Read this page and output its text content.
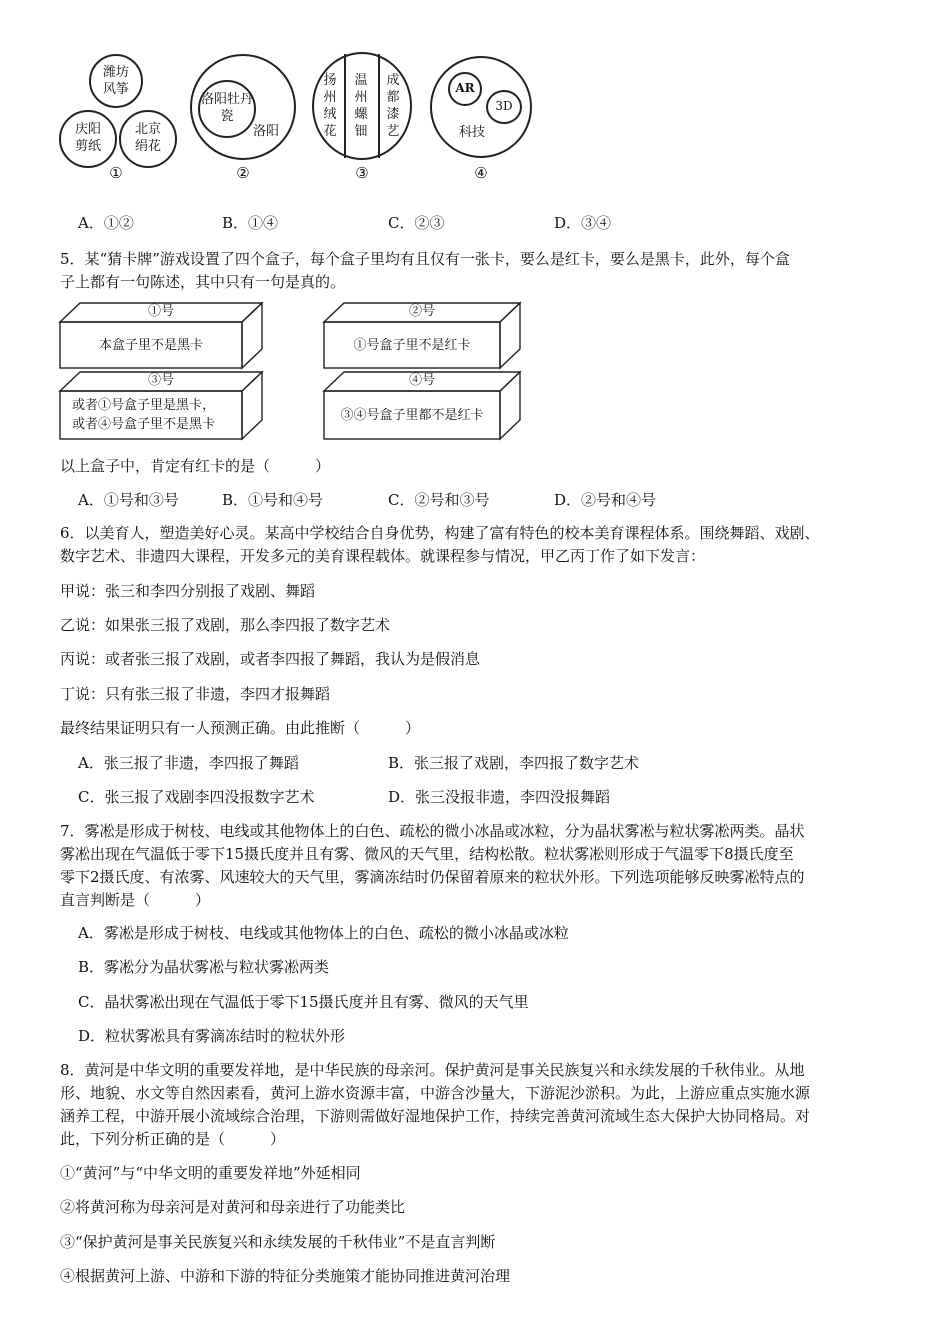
潍坊风筝
庆阳剪纸
北京绢花
①
洛阳牡丹瓷
洛阳
②
扬州绒花
温州螺钿
成都漆艺
③
AR
3D
科技
④
A．①②	B．①④	C．②③	D．③④
5．某“猜卡牌”游戏设置了四个盒子，每个盒子里均有且仅有一张卡，要么是红卡，要么是黑卡，此外，每个盒
子上都有一句陈述，其中只有一句是真的。
①号
本盒子里不是黑卡
②号
①号盒子里不是红卡
③号
或者①号盒子里是黑卡，
或者④号盒子里不是黑卡
④号
③④号盒子里都不是红卡
以上盒子中，肯定有红卡的是（　　　）
A．①号和③号	B．①号和④号	C．②号和③号	D．②号和④号
6．以美育人，塑造美好心灵。某高中学校结合自身优势，构建了富有特色的校本美育课程体系。围绕舞蹈、戏剧、
数字艺术、非遗四大课程，开发多元的美育课程载体。就课程参与情况，甲乙丙丁作了如下发言：
甲说：张三和李四分别报了戏剧、舞蹈
乙说：如果张三报了戏剧，那么李四报了数字艺术
丙说：或者张三报了戏剧，或者李四报了舞蹈，我认为是假消息
丁说：只有张三报了非遗，李四才报舞蹈
最终结果证明只有一人预测正确。由此推断（　　　）
A．张三报了非遗，李四报了舞蹈	B．张三报了戏剧，李四报了数字艺术
C．张三报了戏剧李四没报数字艺术	D．张三没报非遗，李四没报舞蹈
7．雾凇是形成于树枝、电线或其他物体上的白色、疏松的微小冰晶或冰粒，分为晶状雾凇与粒状雾凇两类。晶状
雾凇出现在气温低于零下15摄氏度并且有雾、微风的天气里，结构松散。粒状雾凇则形成于气温零下8摄氏度至
零下2摄氏度、有浓雾、风速较大的天气里，雾滴冻结时仍保留着原来的粒状外形。下列选项能够反映雾凇特点的
直言判断是（　　　）
A．雾凇是形成于树枝、电线或其他物体上的白色、疏松的微小冰晶或冰粒
B．雾凇分为晶状雾凇与粒状雾凇两类
C．晶状雾凇出现在气温低于零下15摄氏度并且有雾、微风的天气里
D．粒状雾凇具有雾滴冻结时的粒状外形
8．黄河是中华文明的重要发祥地，是中华民族的母亲河。保护黄河是事关民族复兴和永续发展的千秋伟业。从地
形、地貌、水文等自然因素看，黄河上游水资源丰富，中游含沙量大，下游泥沙淤积。为此，上游应重点实施水源
涵养工程，中游开展小流域综合治理，下游则需做好湿地保护工作，持续完善黄河流域生态大保护大协同格局。对
此，下列分析正确的是（　　　）
①“黄河”与“中华文明的重要发祥地”外延相同
②将黄河称为母亲河是对黄河和母亲进行了功能类比
③“保护黄河是事关民族复兴和永续发展的千秋伟业”不是直言判断
④根据黄河上游、中游和下游的特征分类施策才能协同推进黄河治理
